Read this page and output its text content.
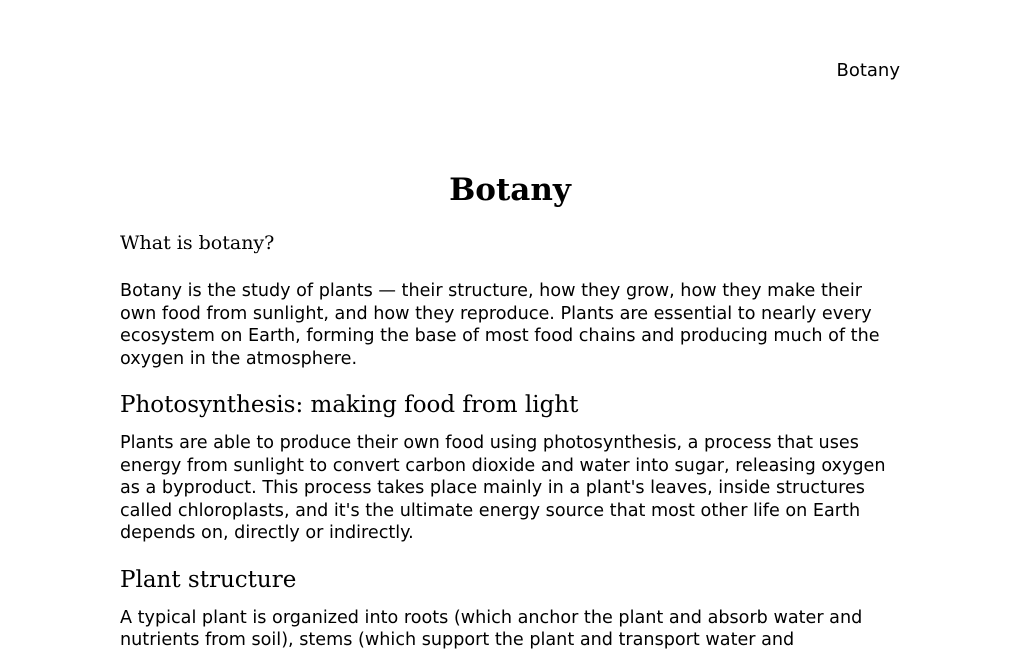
Botany
Botany
What is botany?

Botany is the study of plants — their structure, how they grow, how they make their own food from sunlight, and how they reproduce. Plants are essential to nearly every ecosystem on Earth, forming the base of most food chains and producing much of the oxygen in the atmosphere.

Photosynthesis: making food from light

Plants are able to produce their own food using photosynthesis, a process that uses energy from sunlight to convert carbon dioxide and water into sugar, releasing oxygen as a byproduct. This process takes place mainly in a plant's leaves, inside structures called chloroplasts, and it's the ultimate energy source that most other life on Earth depends on, directly or indirectly.

Plant structure

A typical plant is organized into roots (which anchor the plant and absorb water and nutrients from soil), stems (which support the plant and transport water and
